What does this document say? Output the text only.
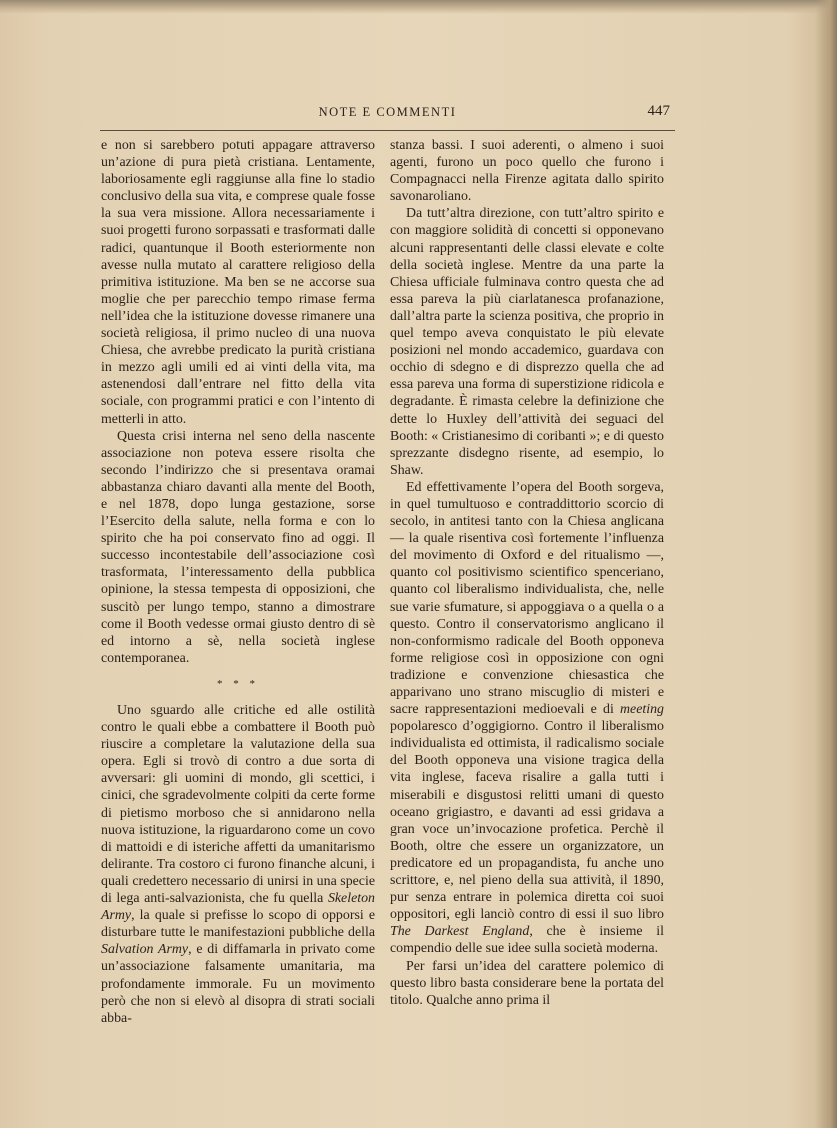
NOTE E COMMENTI	447

e non si sarebbero potuti appagare attraverso un’azione di pura pietà cristiana. Lentamente, laboriosamente egli raggiunse alla fine lo stadio conclusivo della sua vita, e comprese quale fosse la sua vera missione. Allora necessariamente i suoi progetti furono sorpassati e trasformati dalle radici, quantunque il Booth esteriormente non avesse nulla mutato al carattere religioso della primitiva istituzione. Ma ben se ne accorse sua moglie che per parecchio tempo rimase ferma nell’idea che la istituzione dovesse rimanere una società religiosa, il primo nucleo di una nuova Chiesa, che avrebbe predicato la purità cristiana in mezzo agli umili ed ai vinti della vita, ma astenendosi dall’entrare nel fitto della vita sociale, con programmi pratici e con l’intento di metterli in atto.

Questa crisi interna nel seno della nascente associazione non poteva essere risolta che secondo l’indirizzo che si presentava oramai abbastanza chiaro davanti alla mente del Booth, e nel 1878, dopo lunga gestazione, sorse l’Esercito della salute, nella forma e con lo spirito che ha poi conservato fino ad oggi. Il successo incontestabile dell’associazione così trasformata, l’interessamento della pubblica opinione, la stessa tempesta di opposizioni, che suscitò per lungo tempo, stanno a dimostrare come il Booth vedesse ormai giusto dentro di sè ed intorno a sè, nella società inglese contemporanea.

* * *

Uno sguardo alle critiche ed alle ostilità contro le quali ebbe a combattere il Booth può riuscire a completare la valutazione della sua opera. Egli si trovò di contro a due sorta di avversari: gli uomini di mondo, gli scettici, i cinici, che sgradevolmente colpiti da certe forme di pietismo morboso che si annidarono nella nuova istituzione, la riguardarono come un covo di mattoidi e di isteriche affetti da umanitarismo delirante. Tra costoro ci furono finanche alcuni, i quali credettero necessario di unirsi in una specie di lega anti-salvazionista, che fu quella Skeleton Army, la quale si prefisse lo scopo di opporsi e disturbare tutte le manifestazioni pubbliche della Salvation Army, e di diffamarla in privato come un’associazione falsamente umanitaria, ma profondamente immorale. Fu un movimento però che non si elevò al disopra di strati sociali abba-

stanza bassi. I suoi aderenti, o almeno i suoi agenti, furono un poco quello che furono i Compagnacci nella Firenze agitata dallo spirito savonaroliano.

Da tutt’altra direzione, con tutt’altro spirito e con maggiore solidità di concetti si opponevano alcuni rappresentanti delle classi elevate e colte della società inglese. Mentre da una parte la Chiesa ufficiale fulminava contro questa che ad essa pareva la più ciarlatanesca profanazione, dall’altra parte la scienza positiva, che proprio in quel tempo aveva conquistato le più elevate posizioni nel mondo accademico, guardava con occhio di sdegno e di disprezzo quella che ad essa pareva una forma di superstizione ridicola e degradante. È rimasta celebre la definizione che dette lo Huxley dell’attività dei seguaci del Booth: « Cristianesimo di coribanti »; e di questo sprezzante disdegno risente, ad esempio, lo Shaw.

Ed effettivamente l’opera del Booth sorgeva, in quel tumultuoso e contraddittorio scorcio di secolo, in antitesi tanto con la Chiesa anglicana — la quale risentiva così fortemente l’influenza del movimento di Oxford e del ritualismo —, quanto col positivismo scientifico spenceriano, quanto col liberalismo individualista, che, nelle sue varie sfumature, si appoggiava o a quella o a questo. Contro il conservatorismo anglicano il non-conformismo radicale del Booth opponeva forme religiose così in opposizione con ogni tradizione e convenzione chiesastica che apparivano uno strano miscuglio di misteri e sacre rappresentazioni medioevali e di meeting popolaresco d’oggigiorno. Contro il liberalismo individualista ed ottimista, il radicalismo sociale del Booth opponeva una visione tragica della vita inglese, faceva risalire a galla tutti i miserabili e disgustosi relitti umani di questo oceano grigiastro, e davanti ad essi gridava a gran voce un’invocazione profetica. Perchè il Booth, oltre che essere un organizzatore, un predicatore ed un propagandista, fu anche uno scrittore, e, nel pieno della sua attività, il 1890, pur senza entrare in polemica diretta coi suoi oppositori, egli lanciò contro di essi il suo libro The Darkest England, che è insieme il compendio delle sue idee sulla società moderna.

Per farsi un’idea del carattere polemico di questo libro basta considerare bene la portata del titolo. Qualche anno prima il
